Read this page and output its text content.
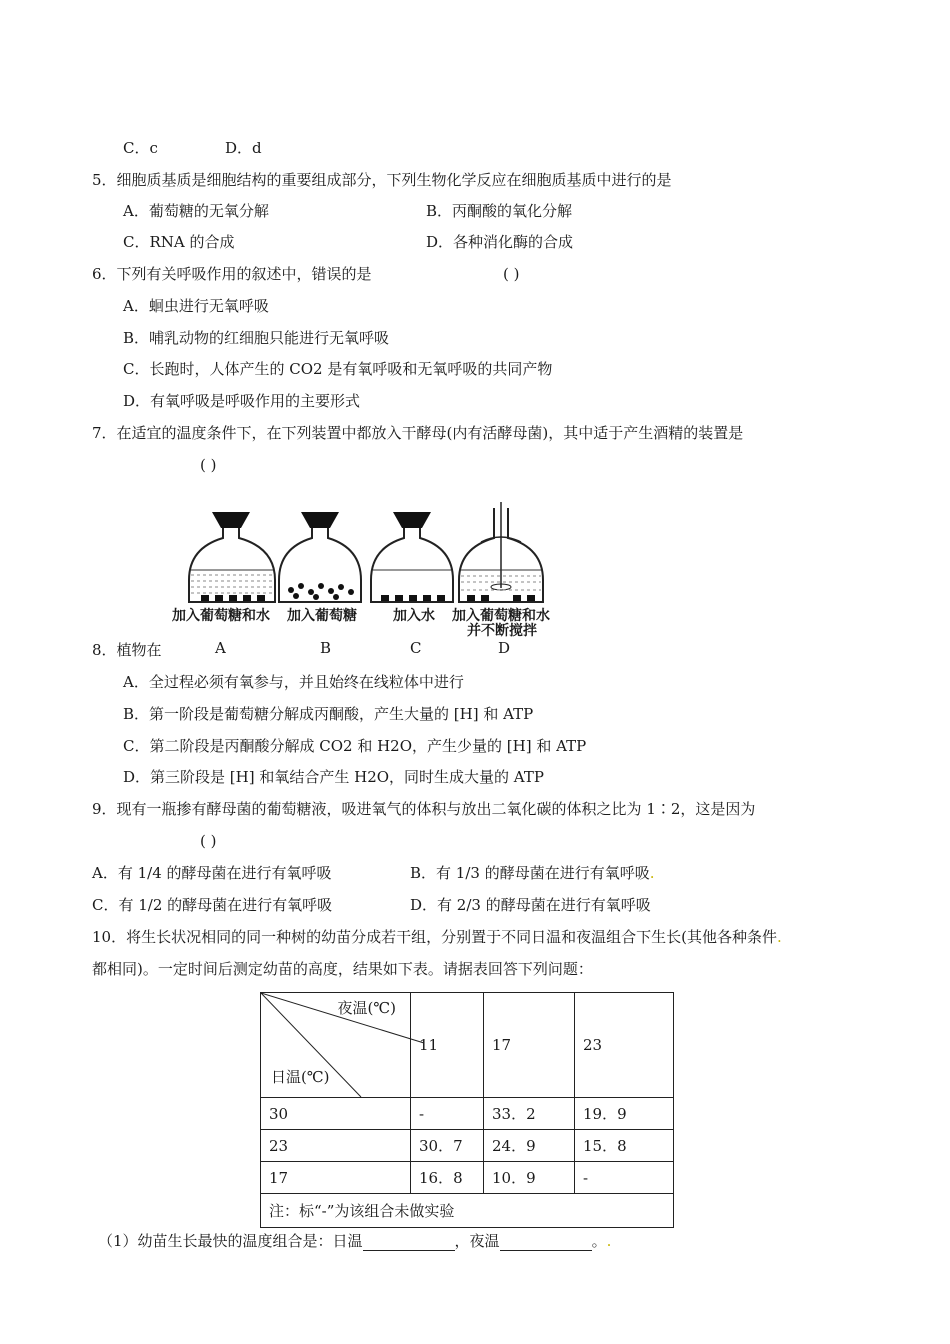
C．c	D．d
5．细胞质基质是细胞结构的重要组成部分，下列生物化学反应在细胞质基质中进行的是
A．葡萄糖的无氧分解	B．丙酮酸的氧化分解
C．RNA 的合成	D．各种消化酶的合成
6．下列有关呼吸作用的叙述中，错误的是	( )
A．蛔虫进行无氧呼吸
B．哺乳动物的红细胞只能进行无氧呼吸
C．长跑时，人体产生的 CO2 是有氧呼吸和无氧呼吸的共同产物
D．有氧呼吸是呼吸作用的主要形式
7．在适宜的温度条件下，在下列装置中都放入干酵母(内有活酵母菌)，其中适于产生酒精的装置是
( )
加入葡萄糖和水 加入葡萄糖	加入水 加入葡萄糖和水
并不断搅拌
A	B	C	D
8．植物在
A．全过程必须有氧参与，并且始终在线粒体中进行
B．第一阶段是葡萄糖分解成丙酮酸，产生大量的 [H] 和 ATP
C．第二阶段是丙酮酸分解成 CO2 和 H2O，产生少量的 [H] 和 ATP
D．第三阶段是 [H] 和氧结合产生 H2O，同时生成大量的 ATP
9．现有一瓶掺有酵母菌的葡萄糖液，吸进氧气的体积与放出二氧化碳的体积之比为 1∶2，这是因为
( )
A．有 1/4 的酵母菌在进行有氧呼吸	B．有 1/3 的酵母菌在进行有氧呼吸.
C．有 1/2 的酵母菌在进行有氧呼吸	D．有 2/3 的酵母菌在进行有氧呼吸
10．将生长状况相同的同一种树的幼苗分成若干组，分别置于不同日温和夜温组合下生长(其他各种条件.
都相同)。一定时间后测定幼苗的高度，结果如下表。请据表回答下列问题：
夜温(℃)
日温(℃)	11	17	23
30	-	33．2	19．9
23	30．7	24．9	15．8
17	16．8	10．9	-
注：标“-”为该组合未做实验			
（1）幼苗生长最快的温度组合是：日温	，夜温	。.
